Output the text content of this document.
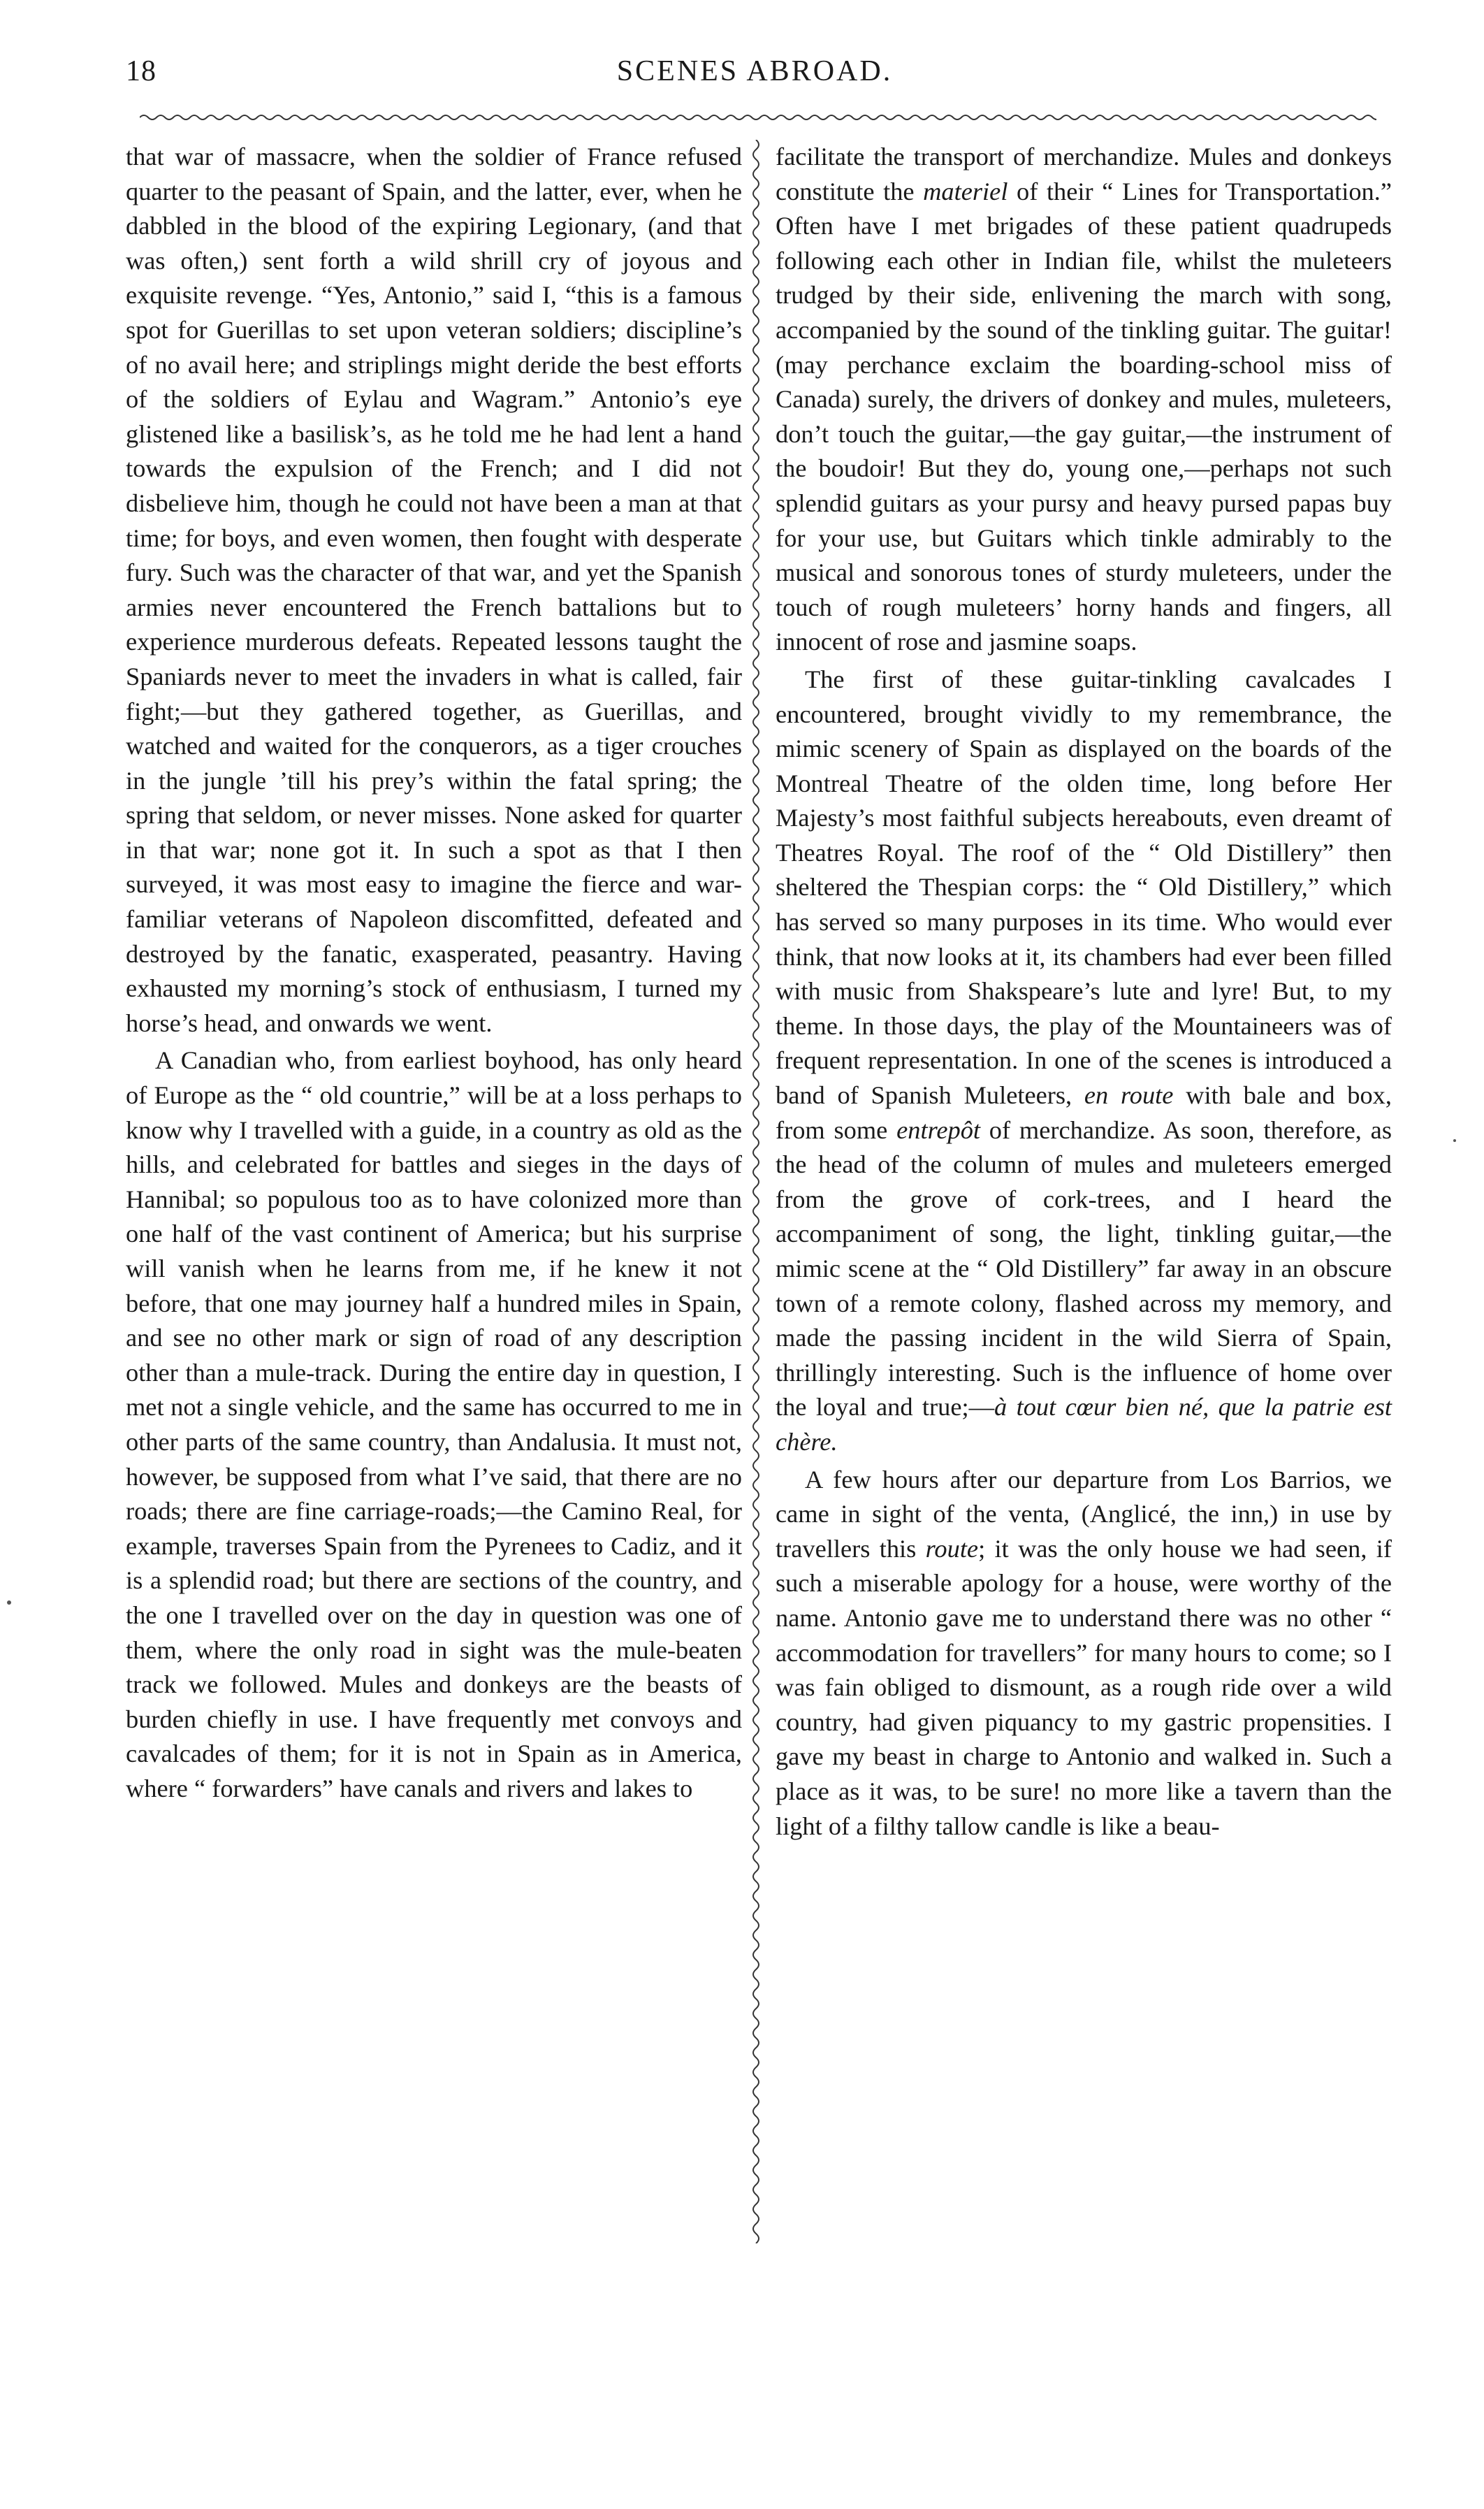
18	SCENES ABROAD.

that war of massacre, when the soldier of France refused quarter to the peasant of Spain, and the latter, ever, when he dabbled in the blood of the expiring Legionary, (and that was often,) sent forth a wild shrill cry of joyous and exquisite revenge. “Yes, Antonio,” said I, “this is a famous spot for Guerillas to set upon veteran soldiers; discipline’s of no avail here; and striplings might deride the best efforts of the soldiers of Eylau and Wagram.” Antonio’s eye glistened like a basilisk’s, as he told me he had lent a hand towards the expulsion of the French; and I did not disbelieve him, though he could not have been a man at that time; for boys, and even women, then fought with desperate fury. Such was the character of that war, and yet the Spanish armies never encountered the French battalions but to experience murderous defeats. Repeated lessons taught the Spaniards never to meet the invaders in what is called, fair fight;—but they gathered together, as Guerillas, and watched and waited for the conquerors, as a tiger crouches in the jungle ’till his prey’s within the fatal spring; the spring that seldom, or never misses. None asked for quarter in that war; none got it. In such a spot as that I then surveyed, it was most easy to imagine the fierce and war-familiar veterans of Napoleon discomfitted, defeated and destroyed by the fanatic, exasperated, peasantry. Having exhausted my morning’s stock of enthusiasm, I turned my horse’s head, and onwards we went.

A Canadian who, from earliest boyhood, has only heard of Europe as the “ old countrie,” will be at a loss perhaps to know why I travelled with a guide, in a country as old as the hills, and celebrated for battles and sieges in the days of Hannibal; so populous too as to have colonized more than one half of the vast continent of America; but his surprise will vanish when he learns from me, if he knew it not before, that one may journey half a hundred miles in Spain, and see no other mark or sign of road of any description other than a mule-track. During the entire day in question, I met not a single vehicle, and the same has occurred to me in other parts of the same country, than Andalusia. It must not, however, be supposed from what I’ve said, that there are no roads; there are fine carriage-roads;—the Camino Real, for example, traverses Spain from the Pyrenees to Cadiz, and it is a splendid road; but there are sections of the country, and the one I travelled over on the day in question was one of them, where the only road in sight was the mule-beaten track we followed. Mules and donkeys are the beasts of burden chiefly in use. I have frequently met convoys and cavalcades of them; for it is not in Spain as in America, where “ forwarders” have canals and rivers and lakes to

facilitate the transport of merchandize. Mules and donkeys constitute the materiel of their “ Lines for Transportation.” Often have I met brigades of these patient quadrupeds following each other in Indian file, whilst the muleteers trudged by their side, enlivening the march with song, accompanied by the sound of the tinkling guitar. The guitar! (may perchance exclaim the boarding-school miss of Canada) surely, the drivers of donkey and mules, muleteers, don’t touch the guitar,—the gay guitar,—the instrument of the boudoir! But they do, young one,—perhaps not such splendid guitars as your pursy and heavy pursed papas buy for your use, but Guitars which tinkle admirably to the musical and sonorous tones of sturdy muleteers, under the touch of rough muleteers’ horny hands and fingers, all innocent of rose and jasmine soaps.

The first of these guitar-tinkling cavalcades I encountered, brought vividly to my remembrance, the mimic scenery of Spain as displayed on the boards of the Montreal Theatre of the olden time, long before Her Majesty’s most faithful subjects hereabouts, even dreamt of Theatres Royal. The roof of the “ Old Distillery” then sheltered the Thespian corps: the “ Old Distillery,” which has served so many purposes in its time. Who would ever think, that now looks at it, its chambers had ever been filled with music from Shakspeare’s lute and lyre! But, to my theme. In those days, the play of the Mountaineers was of frequent representation. In one of the scenes is introduced a band of Spanish Muleteers, en route with bale and box, from some entrepôt of merchandize. As soon, therefore, as the head of the column of mules and muleteers emerged from the grove of cork-trees, and I heard the accompaniment of song, the light, tinkling guitar,—the mimic scene at the “ Old Distillery” far away in an obscure town of a remote colony, flashed across my memory, and made the passing incident in the wild Sierra of Spain, thrillingly interesting. Such is the influence of home over the loyal and true;—à tout cœur bien né, que la patrie est chère.

A few hours after our departure from Los Barrios, we came in sight of the venta, (Anglicé, the inn,) in use by travellers this route; it was the only house we had seen, if such a miserable apology for a house, were worthy of the name. Antonio gave me to understand there was no other “ accommodation for travellers” for many hours to come; so I was fain obliged to dismount, as a rough ride over a wild country, had given piquancy to my gastric propensities. I gave my beast in charge to Antonio and walked in. Such a place as it was, to be sure! no more like a tavern than the light of a filthy tallow candle is like a beau-
